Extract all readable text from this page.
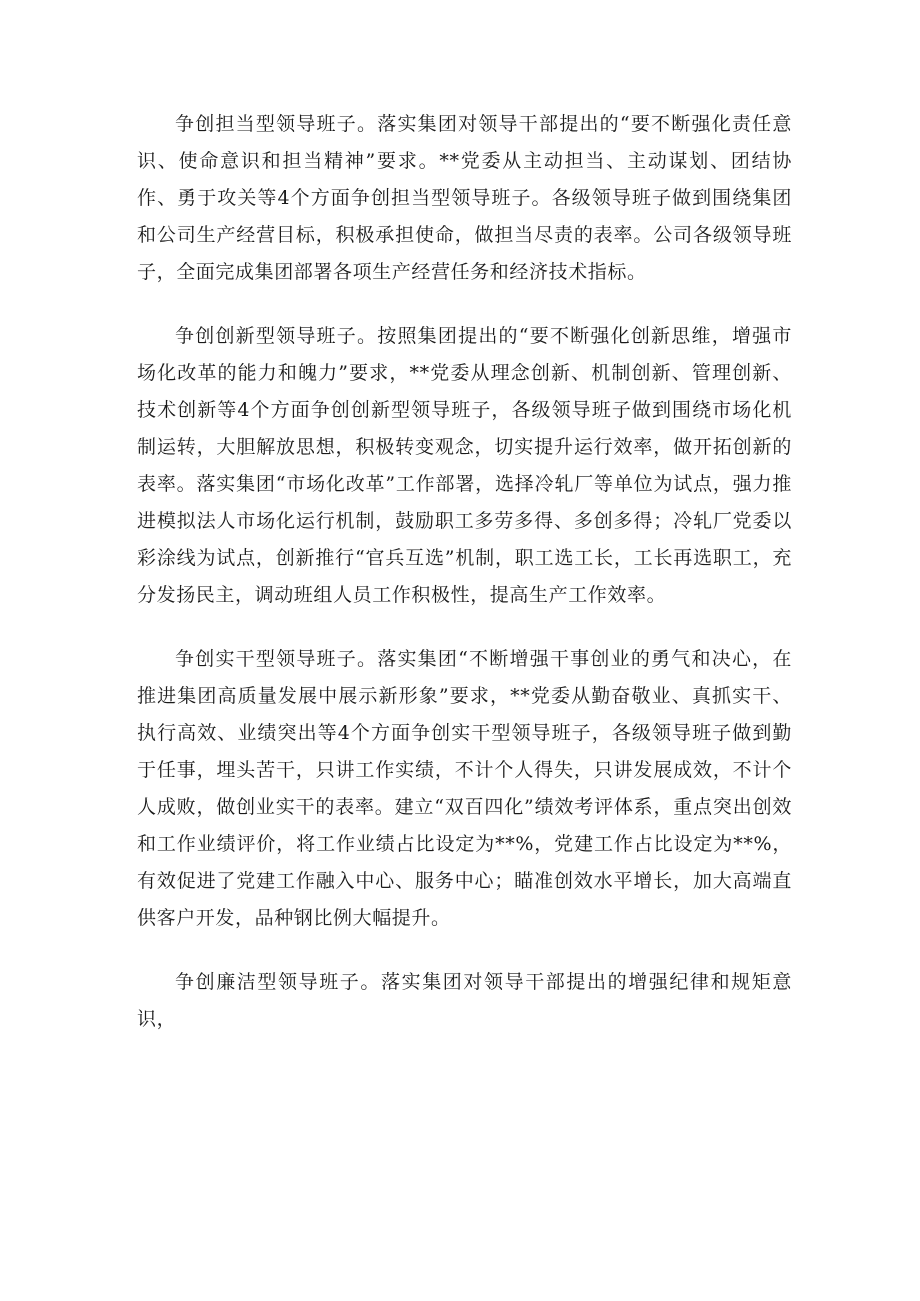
争创担当型领导班子。落实集团对领导干部提出的“要不断强化责任意识、使命意识和担当精神”要求。**党委从主动担当、主动谋划、团结协作、勇于攻关等4个方面争创担当型领导班子。各级领导班子做到围绕集团和公司生产经营目标，积极承担使命，做担当尽责的表率。公司各级领导班子，全面完成集团部署各项生产经营任务和经济技术指标。

争创创新型领导班子。按照集团提出的“要不断强化创新思维，增强市场化改革的能力和魄力”要求，**党委从理念创新、机制创新、管理创新、技术创新等4个方面争创创新型领导班子，各级领导班子做到围绕市场化机制运转，大胆解放思想，积极转变观念，切实提升运行效率，做开拓创新的表率。落实集团“市场化改革”工作部署，选择冷轧厂等单位为试点，强力推进模拟法人市场化运行机制，鼓励职工多劳多得、多创多得；冷轧厂党委以彩涂线为试点，创新推行“官兵互选”机制，职工选工长，工长再选职工，充分发扬民主，调动班组人员工作积极性，提高生产工作效率。

争创实干型领导班子。落实集团“不断增强干事创业的勇气和决心，在推进集团高质量发展中展示新形象”要求，**党委从勤奋敬业、真抓实干、执行高效、业绩突出等4个方面争创实干型领导班子，各级领导班子做到勤于任事，埋头苦干，只讲工作实绩，不计个人得失，只讲发展成效，不计个人成败，做创业实干的表率。建立“双百四化”绩效考评体系，重点突出创效和工作业绩评价，将工作业绩占比设定为**%，党建工作占比设定为**%，有效促进了党建工作融入中心、服务中心；瞄准创效水平增长，加大高端直供客户开发，品种钢比例大幅提升。

争创廉洁型领导班子。落实集团对领导干部提出的增强纪律和规矩意识，
